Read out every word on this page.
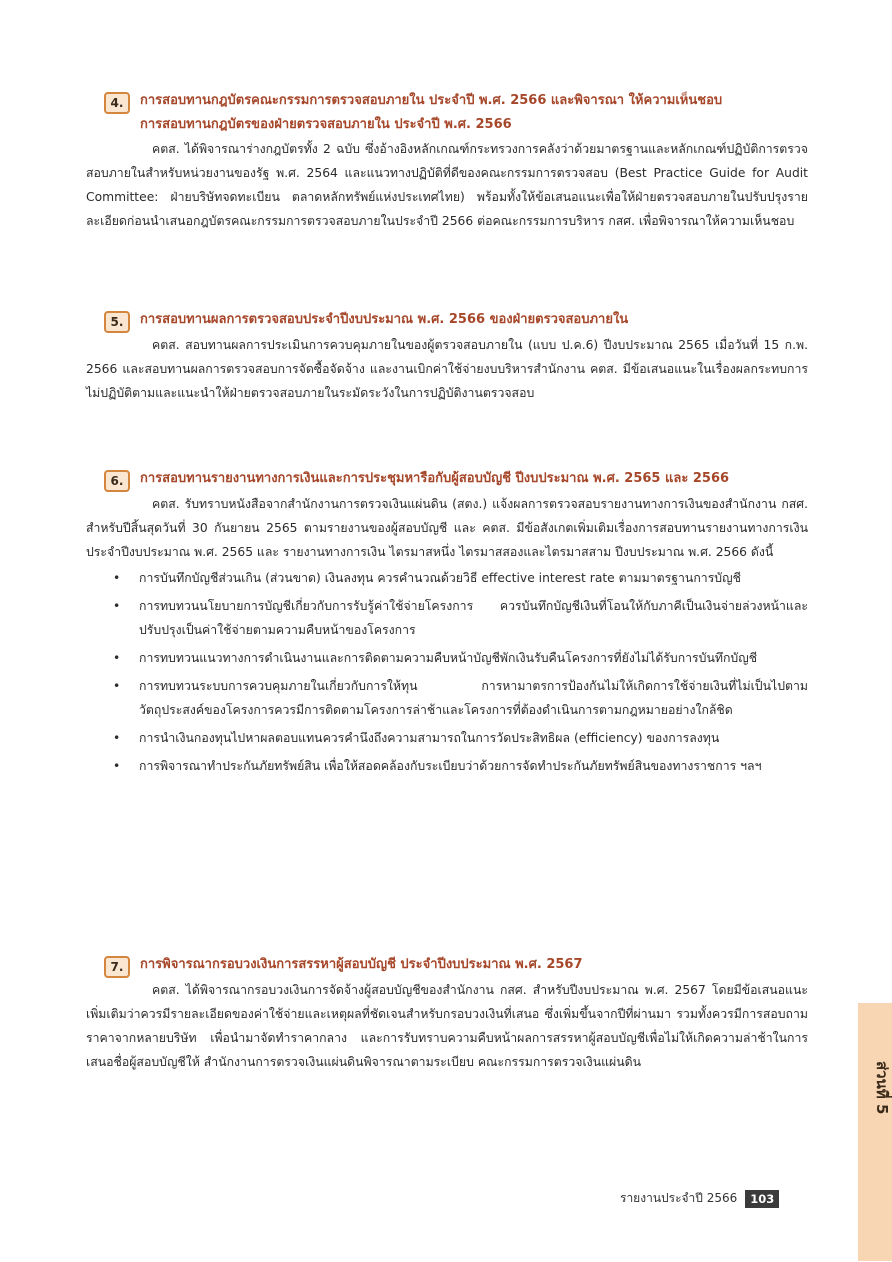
4.	การสอบทานกฎบัตรคณะกรรมการตรวจสอบภายใน ประจำปี พ.ศ. 2566 และพิจารณา ให้ความเห็นชอบ
การสอบทานกฎบัตรของฝ่ายตรวจสอบภายใน ประจำปี พ.ศ. 2566

คตส. ได้พิจารณาร่างกฎบัตรทั้ง 2 ฉบับ ซึ่งอ้างอิงหลักเกณฑ์กระทรวงการคลังว่าด้วยมาตรฐานและหลักเกณฑ์ปฏิบัติการตรวจสอบภายในสำหรับหน่วยงานของรัฐ พ.ศ. 2564 และแนวทางปฏิบัติที่ดีของคณะกรรมการตรวจสอบ (Best Practice Guide for Audit Committee: ฝ่ายบริษัทจดทะเบียน ตลาดหลักทรัพย์แห่งประเทศไทย) พร้อมทั้งให้ข้อเสนอแนะเพื่อให้ฝ่ายตรวจสอบภายในปรับปรุงรายละเอียดก่อนนำเสนอกฎบัตรคณะกรรมการตรวจสอบภายในประจำปี 2566 ต่อคณะกรรมการบริหาร กสศ. เพื่อพิจารณาให้ความเห็นชอบ

5.	การสอบทานผลการตรวจสอบประจำปีงบประมาณ พ.ศ. 2566 ของฝ่ายตรวจสอบภายใน

คตส. สอบทานผลการประเมินการควบคุมภายในของผู้ตรวจสอบภายใน (แบบ ป.ค.6) ปีงบประมาณ 2565 เมื่อวันที่ 15 ก.พ. 2566 และสอบทานผลการตรวจสอบการจัดซื้อจัดจ้าง และงานเบิกค่าใช้จ่ายงบบริหารสำนักงาน คตส. มีข้อเสนอแนะในเรื่องผลกระทบการไม่ปฏิบัติตามและแนะนำให้ฝ่ายตรวจสอบภายในระมัดระวังในการปฏิบัติงานตรวจสอบ

6.	การสอบทานรายงานทางการเงินและการประชุมหารือกับผู้สอบบัญชี ปีงบประมาณ พ.ศ. 2565 และ 2566

คตส. รับทราบหนังสือจากสำนักงานการตรวจเงินแผ่นดิน (สตง.) แจ้งผลการตรวจสอบรายงานทางการเงินของสำนักงาน กสศ. สำหรับปีสิ้นสุดวันที่ 30 กันยายน 2565 ตามรายงานของผู้สอบบัญชี และ คตส. มีข้อสังเกตเพิ่มเติมเรื่องการสอบทานรายงานทางการเงิน ประจำปีงบประมาณ พ.ศ. 2565 และ รายงานทางการเงิน ไตรมาสหนึ่ง ไตรมาสสองและไตรมาสสาม ปีงบประมาณ พ.ศ. 2566 ดังนี้

• การบันทึกบัญชีส่วนเกิน (ส่วนขาด) เงินลงทุน ควรคำนวณด้วยวิธี effective interest rate ตามมาตรฐานการบัญชี
• การทบทวนนโยบายการบัญชีเกี่ยวกับการรับรู้ค่าใช้จ่ายโครงการ ควรบันทึกบัญชีเงินที่โอนให้กับภาคีเป็นเงินจ่ายล่วงหน้าและปรับปรุงเป็นค่าใช้จ่ายตามความคืบหน้าของโครงการ
• การทบทวนแนวทางการดำเนินงานและการติดตามความคืบหน้าบัญชีพักเงินรับคืนโครงการที่ยังไม่ได้รับการบันทึกบัญชี
• การทบทวนระบบการควบคุมภายในเกี่ยวกับการให้ทุน การหามาตรการป้องกันไม่ให้เกิดการใช้จ่ายเงินที่ไม่เป็นไปตามวัตถุประสงค์ของโครงการควรมีการติดตามโครงการล่าช้าและโครงการที่ต้องดำเนินการตามกฎหมายอย่างใกล้ชิด
• การนำเงินกองทุนไปหาผลตอบแทนควรคำนึงถึงความสามารถในการวัดประสิทธิผล (efficiency) ของการลงทุน
• การพิจารณาทำประกันภัยทรัพย์สิน เพื่อให้สอดคล้องกับระเบียบว่าด้วยการจัดทำประกันภัยทรัพย์สินของทางราชการ ฯลฯ
7.	การพิจารณากรอบวงเงินการสรรหาผู้สอบบัญชี ประจำปีงบประมาณ พ.ศ. 2567

คตส. ได้พิจารณากรอบวงเงินการจัดจ้างผู้สอบบัญชีของสำนักงาน กสศ. สำหรับปีงบประมาณ พ.ศ. 2567 โดยมีข้อเสนอแนะเพิ่มเติมว่าควรมีรายละเอียดของค่าใช้จ่ายและเหตุผลที่ชัดเจนสำหรับกรอบวงเงินที่เสนอ ซึ่งเพิ่มขึ้นจากปีที่ผ่านมา รวมทั้งควรมีการสอบถามราคาจากหลายบริษัท เพื่อนำมาจัดทำราคากลาง และการรับทราบความคืบหน้าผลการสรรหาผู้สอบบัญชีเพื่อไม่ให้เกิดความล่าช้าในการเสนอชื่อผู้สอบบัญชีให้ สำนักงานการตรวจเงินแผ่นดินพิจารณาตามระเบียบ คณะกรรมการตรวจเงินแผ่นดิน	ส่วนที่ 5
รายงานประจำปี 2566	103
